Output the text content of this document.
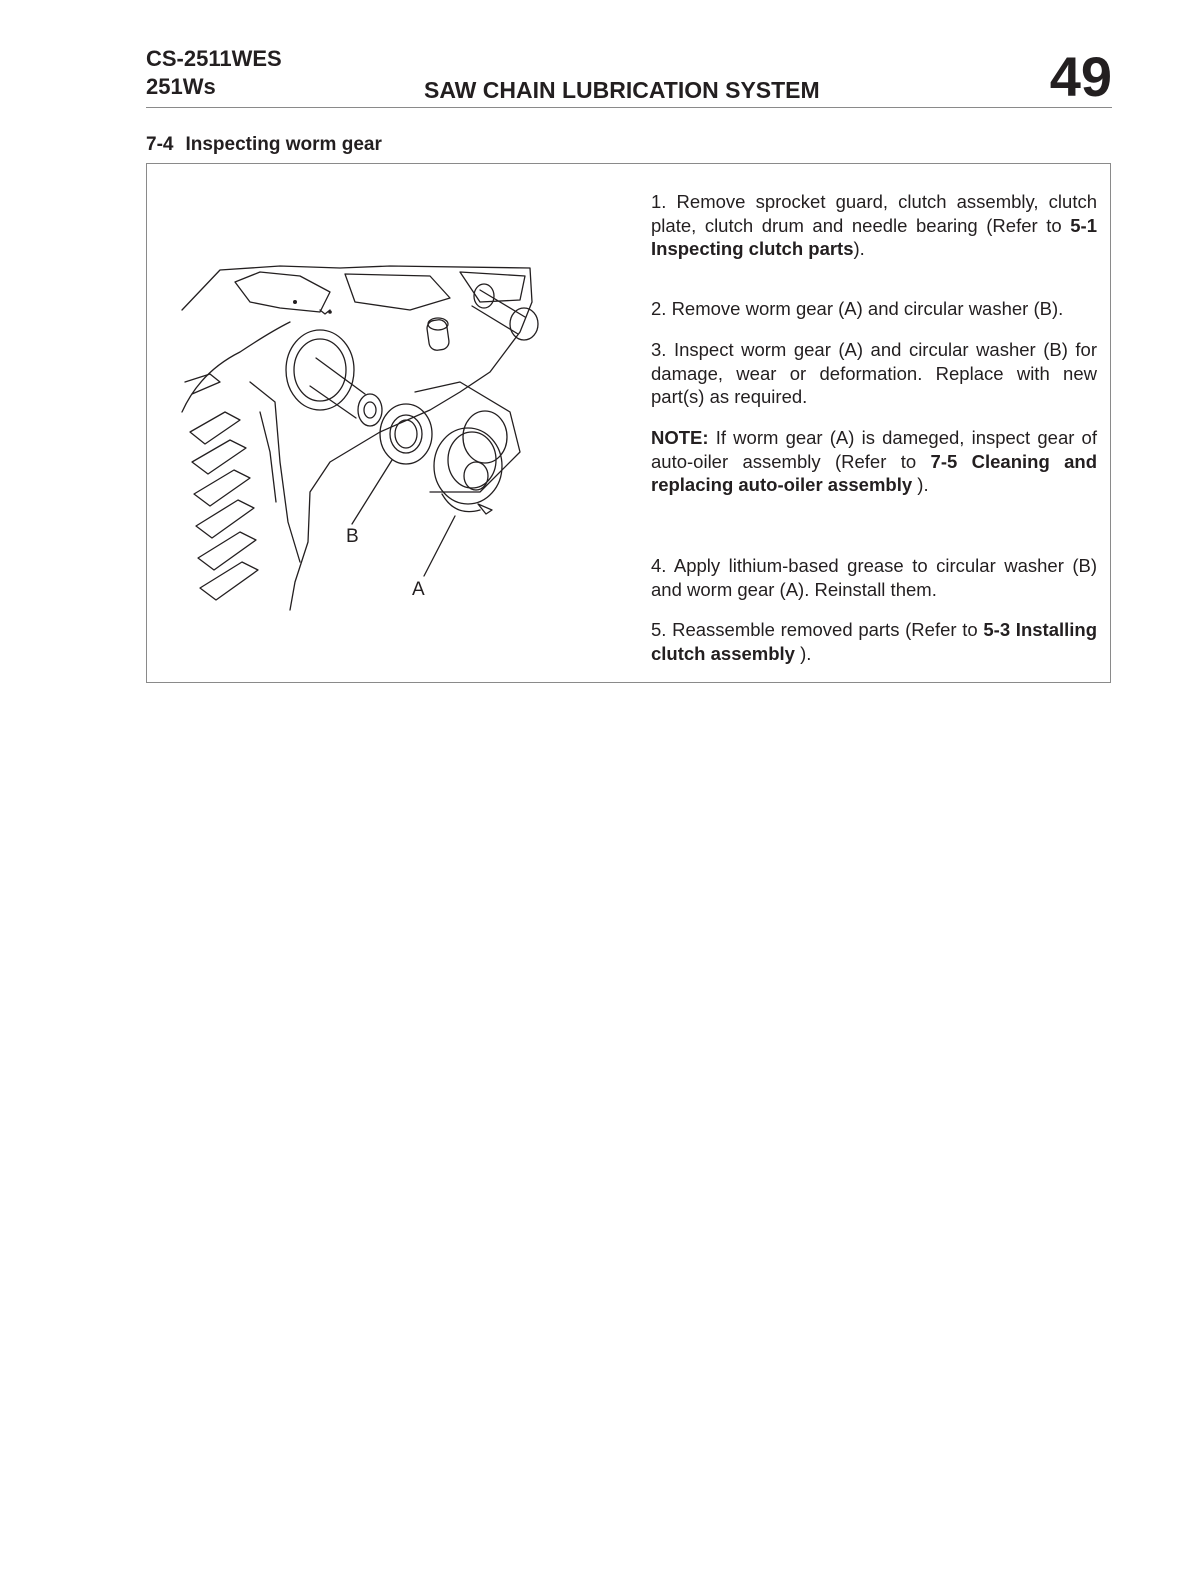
CS-2511WES
251Ws	SAW CHAIN LUBRICATION SYSTEM	49
7-4 Inspecting worm gear
B
A

1. Remove sprocket guard, clutch assembly, clutch plate, clutch drum and needle bearing (Refer to 5-1 Inspecting clutch parts).

2. Remove worm gear (A) and circular washer (B).

3. Inspect worm gear (A) and circular washer (B) for damage, wear or deformation. Replace with new part(s) as required.

NOTE: If worm gear (A) is dameged, inspect gear of auto-oiler assembly (Refer to 7-5 Cleaning and replacing auto-oiler assembly ).

4. Apply lithium-based grease to circular washer (B) and worm gear (A). Reinstall them.

5. Reassemble removed parts (Refer to 5-3 Installing clutch assembly ).
